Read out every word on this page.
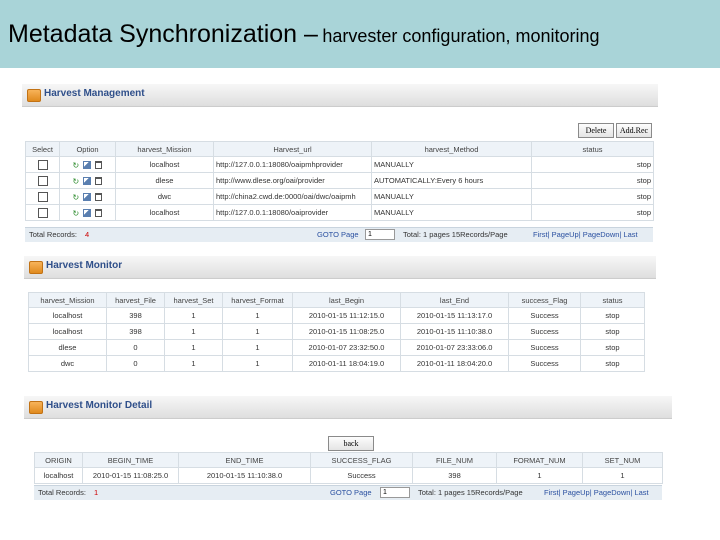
Metadata Synchronization – harvester configuration, monitoring
Harvest Management
Delete	Add.Rec
Select	Option	harvest_Mission	Harvest_url	harvest_Method	status
	↻	localhost	http://127.0.0.1:18080/oaipmhprovider	MANUALLY	stop
	↻	dlese	http://www.dlese.org/oai/provider	AUTOMATICALLY:Every 6 hours	stop
	↻	dwc	http://china2.cwd.de:0000/oai/dwc/oaipmh	MANUALLY	stop
	↻	localhost	http://127.0.0.1:18080/oaiprovider	MANUALLY	stop
Total Records: 4	GOTO Page
1	Total: 1 pages 15Records/Page	First| PageUp| PageDown| Last
Harvest Monitor
harvest_Mission	harvest_File	harvest_Set	harvest_Format	last_Begin	last_End	success_Flag	status
localhost	398	1	1	2010-01-15 11:12:15.0	2010-01-15 11:13:17.0	Success	stop
localhost	398	1	1	2010-01-15 11:08:25.0	2010-01-15 11:10:38.0	Success	stop
dlese	0	1	1	2010-01-07 23:32:50.0	2010-01-07 23:33:06.0	Success	stop
dwc	0	1	1	2010-01-11 18:04:19.0	2010-01-11 18:04:20.0	Success	stop
Harvest Monitor Detail
back
ORIGIN	BEGIN_TIME	END_TIME	SUCCESS_FLAG	FILE_NUM	FORMAT_NUM	SET_NUM
localhost	2010-01-15 11:08:25.0	2010-01-15 11:10:38.0	Success	398	1	1
Total Records: 1	GOTO Page
1	Total: 1 pages 15Records/Page	First| PageUp| PageDown| Last
